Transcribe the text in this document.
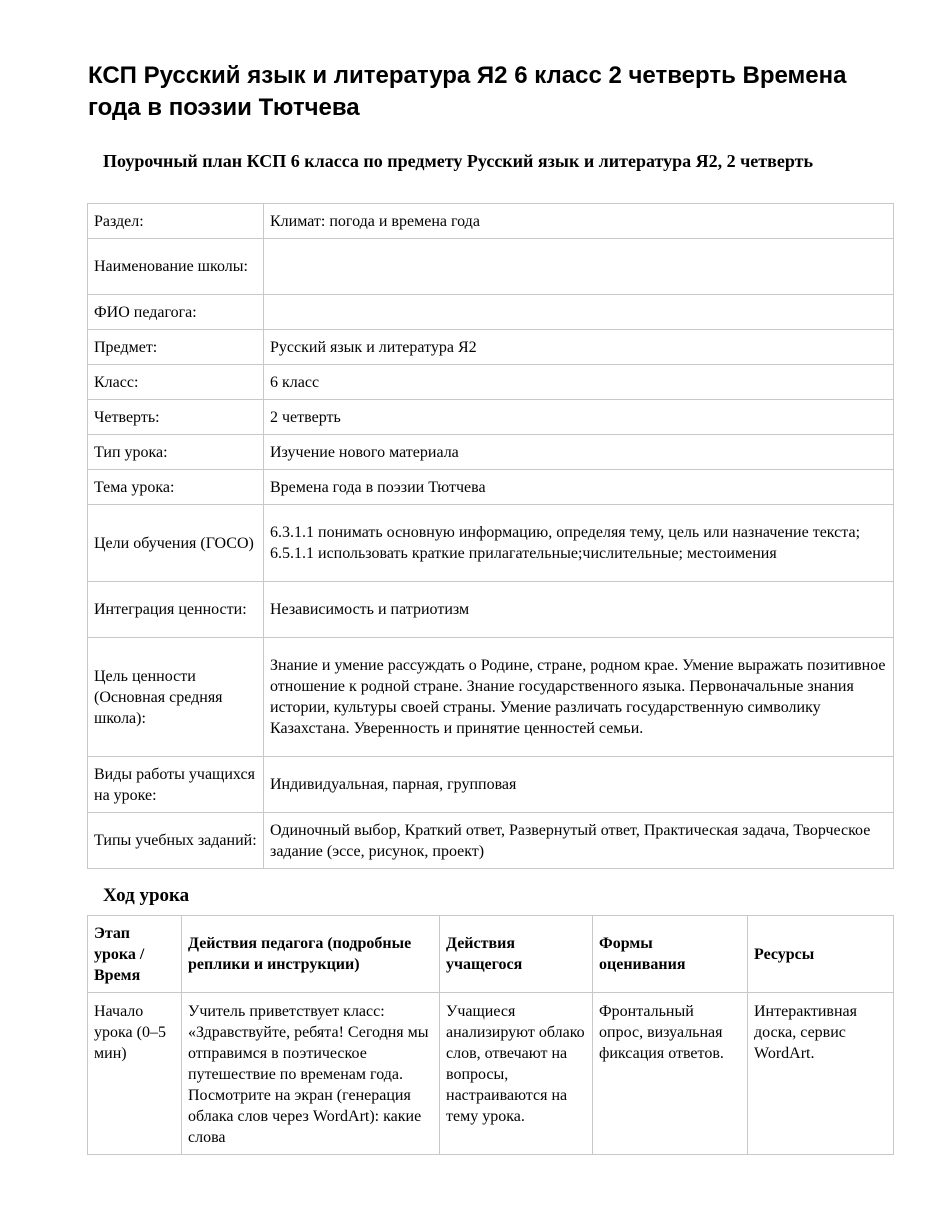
КСП Русский язык и литература Я2 6 класс 2 четверть Времена года в поэзии Тютчева
Поурочный план КСП 6 класса по предмету Русский язык и литература Я2, 2 четверть
Раздел:	Климат: погода и времена года
Наименование школы:	
ФИО педагога:	
Предмет:	Русский язык и литература Я2
Класс:	6 класс
Четверть:	2 четверть
Тип урока:	Изучение нового материала
Тема урока:	Времена года в поэзии Тютчева
Цели обучения (ГОСО)	6.3.1.1 понимать основную информацию, определяя тему, цель или назначение текста; 6.5.1.1 использовать краткие прилагательные;числительные; местоимения
Интеграция ценности:	Независимость и патриотизм
Цель ценности (Основная средняя школа):	Знание и умение рассуждать о Родине, стране, родном крае. Умение выражать позитивное отношение к родной стране. Знание государственного языка. Первоначальные знания истории, культуры своей страны. Умение различать государственную символику Казахстана. Уверенность и принятие ценностей семьи.
Виды работы учащихся на уроке:	Индивидуальная, парная, групповая
Типы учебных заданий:	Одиночный выбор, Краткий ответ, Развернутый ответ, Практическая задача, Творческое задание (эссе, рисунок, проект)
Ход урока
Этап урока / Время	Действия педагога (подробные реплики и инструкции)	Действия учащегося	Формы оценивания	Ресурсы
Начало урока (0–5 мин)	Учитель приветствует класс: «Здравствуйте, ребята! Сегодня мы отправимся в поэтическое путешествие по временам года. Посмотрите на экран (генерация облака слов через WordArt): какие слова	Учащиеся анализируют облако слов, отвечают на вопросы, настраиваются на тему урока.	Фронтальный опрос, визуальная фиксация ответов.	Интерактивная доска, сервис WordArt.
